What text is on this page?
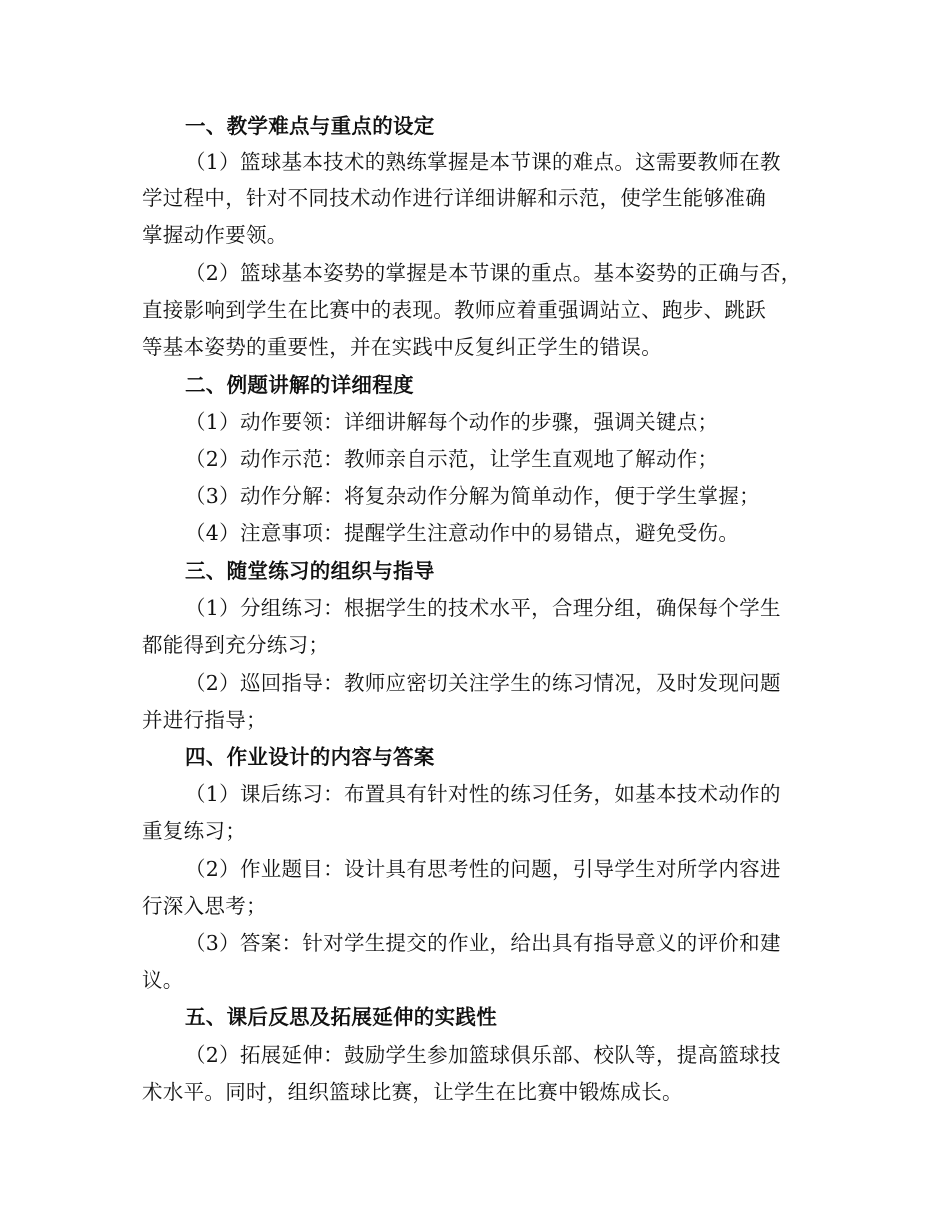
一、教学难点与重点的设定
（1）篮球基本技术的熟练掌握是本节课的难点。这需要教师在教
学过程中，针对不同技术动作进行详细讲解和示范，使学生能够准确
掌握动作要领。
（2）篮球基本姿势的掌握是本节课的重点。基本姿势的正确与否，
直接影响到学生在比赛中的表现。教师应着重强调站立、跑步、跳跃
等基本姿势的重要性，并在实践中反复纠正学生的错误。
二、例题讲解的详细程度
（1）动作要领：详细讲解每个动作的步骤，强调关键点；
（2）动作示范：教师亲自示范，让学生直观地了解动作；
（3）动作分解：将复杂动作分解为简单动作，便于学生掌握；
（4）注意事项：提醒学生注意动作中的易错点，避免受伤。
三、随堂练习的组织与指导
（1）分组练习：根据学生的技术水平，合理分组，确保每个学生
都能得到充分练习；
（2）巡回指导：教师应密切关注学生的练习情况，及时发现问题
并进行指导；
四、作业设计的内容与答案
（1）课后练习：布置具有针对性的练习任务，如基本技术动作的
重复练习；
（2）作业题目：设计具有思考性的问题，引导学生对所学内容进
行深入思考；
（3）答案：针对学生提交的作业，给出具有指导意义的评价和建
议。
五、课后反思及拓展延伸的实践性
（2）拓展延伸：鼓励学生参加篮球俱乐部、校队等，提高篮球技
术水平。同时，组织篮球比赛，让学生在比赛中锻炼成长。
